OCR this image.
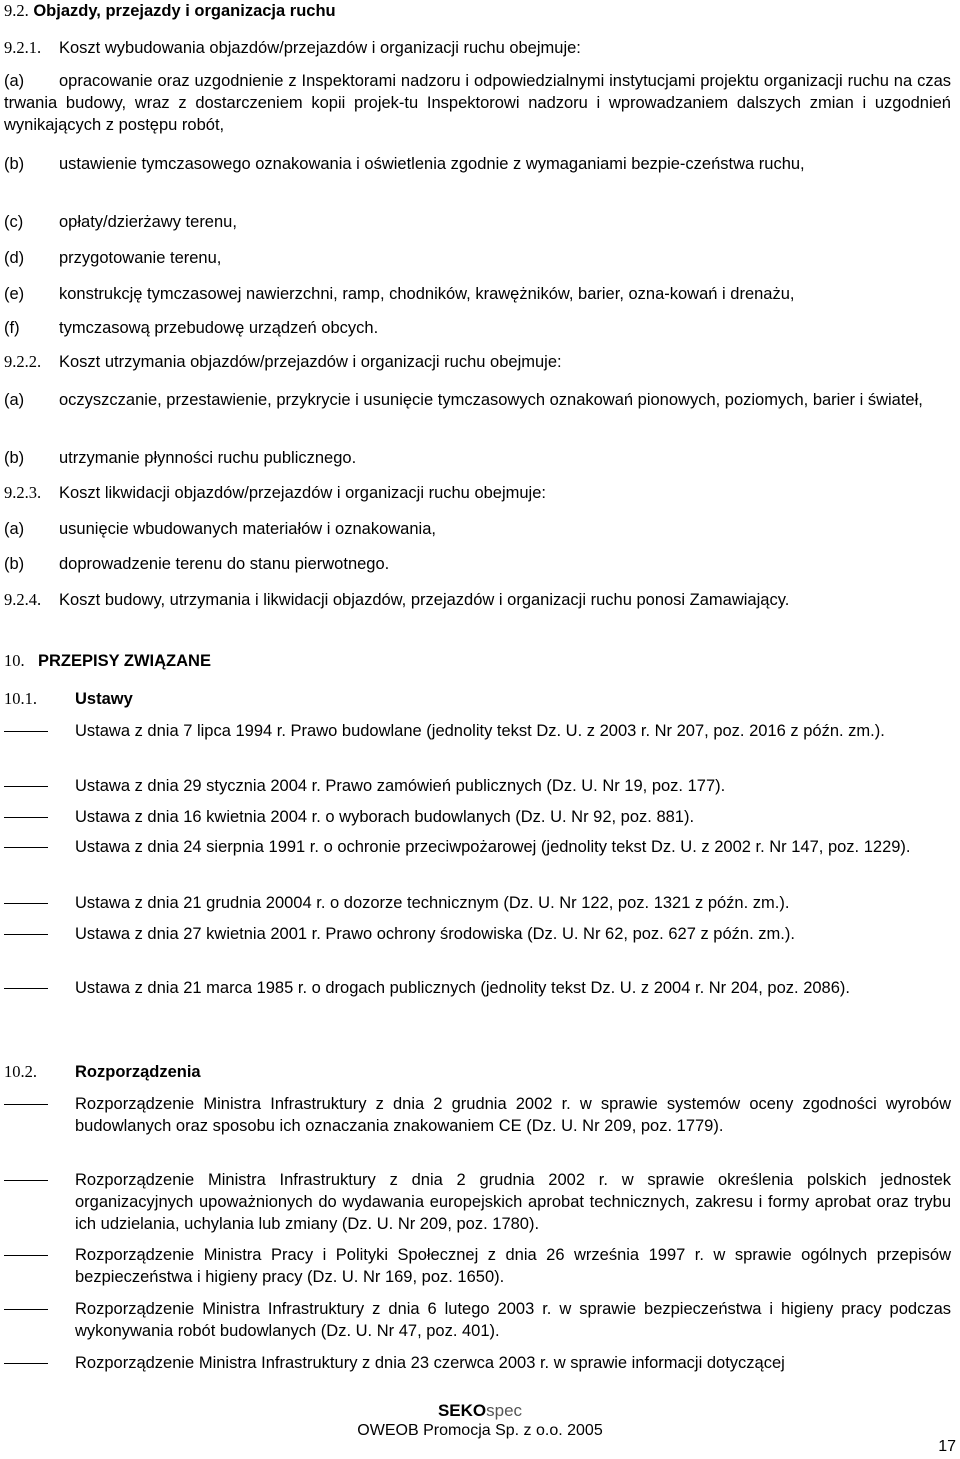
9.2. Objazdy, przejazdy i organizacja ruchu
9.2.1. Koszt wybudowania objazdów/przejazdów i organizacji ruchu obejmuje:
(a) opracowanie oraz uzgodnienie z Inspektorami nadzoru i odpowiedzialnymi instytucjami projektu organizacji ruchu na czas trwania budowy, wraz z dostarczeniem kopii projek-tu Inspektorowi nadzoru i wprowadzaniem dalszych zmian i uzgodnień wynikających z postępu robót,
(b) ustawienie tymczasowego oznakowania i oświetlenia zgodnie z wymaganiami bezpie-czeństwa ruchu,
(c) opłaty/dzierżawy terenu,
(d) przygotowanie terenu,
(e) konstrukcję tymczasowej nawierzchni, ramp, chodników, krawężników, barier, ozna-kowań i drenażu,
(f) tymczasową przebudowę urządzeń obcych.
9.2.2. Koszt utrzymania objazdów/przejazdów i organizacji ruchu obejmuje:
(a) oczyszczanie, przestawienie, przykrycie i usunięcie tymczasowych oznakowań pionowych, poziomych, barier i świateł,
(b) utrzymanie płynności ruchu publicznego.
9.2.3. Koszt likwidacji objazdów/przejazdów i organizacji ruchu obejmuje:
(a) usunięcie wbudowanych materiałów i oznakowania,
(b) doprowadzenie terenu do stanu pierwotnego.
9.2.4. Koszt budowy, utrzymania i likwidacji objazdów, przejazdów i organizacji ruchu ponosi Zamawiający.
10. PRZEPISY ZWIĄZANE
10.1. Ustawy
Ustawa z dnia 7 lipca 1994 r. Prawo budowlane (jednolity tekst Dz. U. z 2003 r. Nr 207, poz. 2016 z późn. zm.).
Ustawa z dnia 29 stycznia 2004 r. Prawo zamówień publicznych (Dz. U. Nr 19, poz. 177).
Ustawa z dnia 16 kwietnia 2004 r. o wyborach budowlanych (Dz. U. Nr 92, poz. 881).
Ustawa z dnia 24 sierpnia 1991 r. o ochronie przeciwpożarowej (jednolity tekst Dz. U. z 2002 r. Nr 147, poz. 1229).
Ustawa z dnia 21 grudnia 20004 r. o dozorze technicznym (Dz. U. Nr 122, poz. 1321 z późn. zm.).
Ustawa z dnia 27 kwietnia 2001 r. Prawo ochrony środowiska (Dz. U. Nr 62, poz. 627 z późn. zm.).
Ustawa z dnia 21 marca 1985 r. o drogach publicznych (jednolity tekst Dz. U. z 2004 r. Nr 204, poz. 2086).
10.2. Rozporządzenia
Rozporządzenie Ministra Infrastruktury z dnia 2 grudnia 2002 r. w sprawie systemów oceny zgodności wyrobów budowlanych oraz sposobu ich oznaczania znakowaniem CE (Dz. U. Nr 209, poz. 1779).
Rozporządzenie Ministra Infrastruktury z dnia 2 grudnia 2002 r. w sprawie określenia polskich jednostek organizacyjnych upoważnionych do wydawania europejskich aprobat technicznych, zakresu i formy aprobat oraz trybu ich udzielania, uchylania lub zmiany (Dz. U. Nr 209, poz. 1780).
Rozporządzenie Ministra Pracy i Polityki Społecznej z dnia 26 września 1997 r. w sprawie ogólnych przepisów bezpieczeństwa i higieny pracy (Dz. U. Nr 169, poz. 1650).
Rozporządzenie Ministra Infrastruktury z dnia 6 lutego 2003 r. w sprawie bezpieczeństwa i higieny pracy podczas wykonywania robót budowlanych (Dz. U. Nr 47, poz. 401).
Rozporządzenie Ministra Infrastruktury z dnia 23 czerwca 2003 r. w sprawie informacji dotyczącej
SEKOspec
OWEOB Promocja Sp. z o.o. 2005
17
